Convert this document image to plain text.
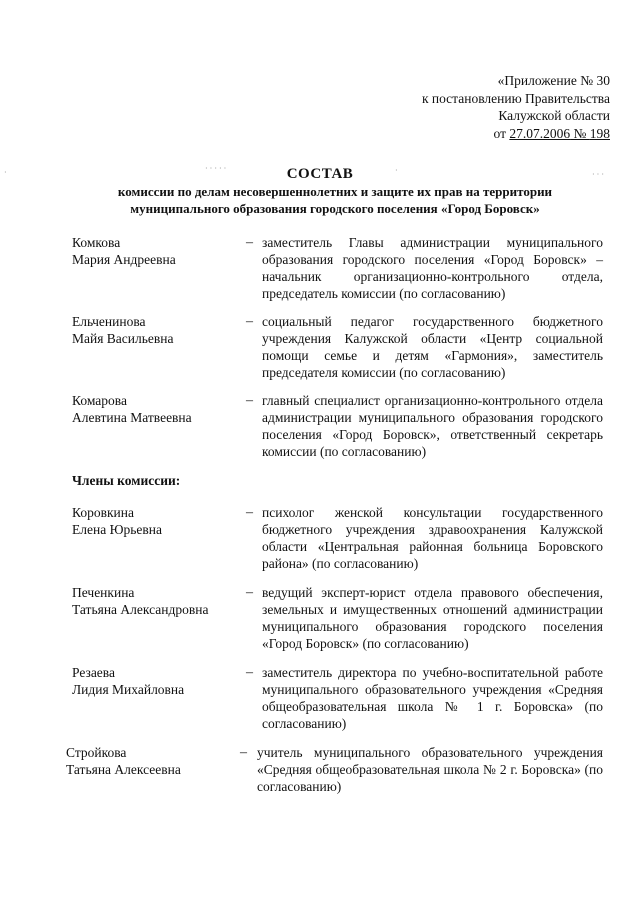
·	· · · · ·	·	· · ·
«Приложение № 30
к постановлению Правительства
Калужской области
от 27.07.2006 № 198
СОСТАВ
комиссии по делам несовершеннолетних и защите их прав на территории муниципального образования городского поселения «Город Боровск»
Комкова
Мария Андреевна
– заместитель Главы администрации муниципального образования городского поселения «Город Боровск» – начальник организационно-контрольного отдела, председатель комиссии (по согласованию)
Ельченинова
Майя Васильевна
– социальный педагог государственного бюджетного учреждения Калужской области «Центр социальной помощи семье и детям «Гармония», заместитель председателя комиссии (по согласованию)
Комарова
Алевтина Матвеевна
– главный специалист организационно-контрольного отдела администрации муниципального образования городского поселения «Город Боровск», ответственный секретарь комиссии (по согласованию)
Члены комиссии:
Коровкина
Елена Юрьевна
– психолог женской консультации государственного бюджетного учреждения здравоохранения Калужской области «Центральная районная больница Боровского района» (по согласованию)
Печенкина
Татьяна Александровна
– ведущий эксперт-юрист отдела правового обеспечения, земельных и имущественных отношений администрации муниципального образования городского поселения «Город Боровск» (по согласованию)
Резаева
Лидия Михайловна
– заместитель директора по учебно-воспитательной работе муниципального образовательного учреждения «Средняя общеобразовательная школа № 1 г. Боровска» (по согласованию)
Стройкова
Татьяна Алексеевна
– учитель муниципального образовательного учреждения «Средняя общеобразовательная школа № 2 г. Боровска» (по согласованию)
